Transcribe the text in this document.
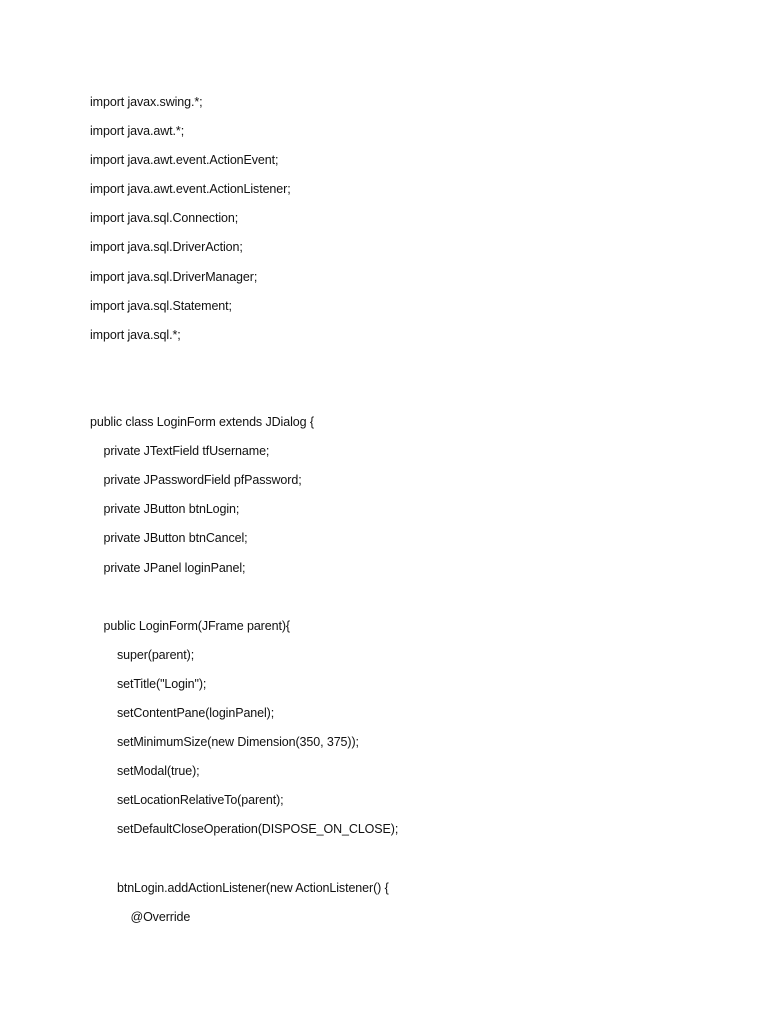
import javax.swing.*;
import java.awt.*;
import java.awt.event.ActionEvent;
import java.awt.event.ActionListener;
import java.sql.Connection;
import java.sql.DriverAction;
import java.sql.DriverManager;
import java.sql.Statement;
import java.sql.*;
public class LoginForm extends JDialog {
private JTextField tfUsername;
private JPasswordField pfPassword;
private JButton btnLogin;
private JButton btnCancel;
private JPanel loginPanel;
public LoginForm(JFrame parent){
super(parent);
setTitle("Login");
setContentPane(loginPanel);
setMinimumSize(new Dimension(350, 375));
setModal(true);
setLocationRelativeTo(parent);
setDefaultCloseOperation(DISPOSE_ON_CLOSE);
btnLogin.addActionListener(new ActionListener() {
@Override
